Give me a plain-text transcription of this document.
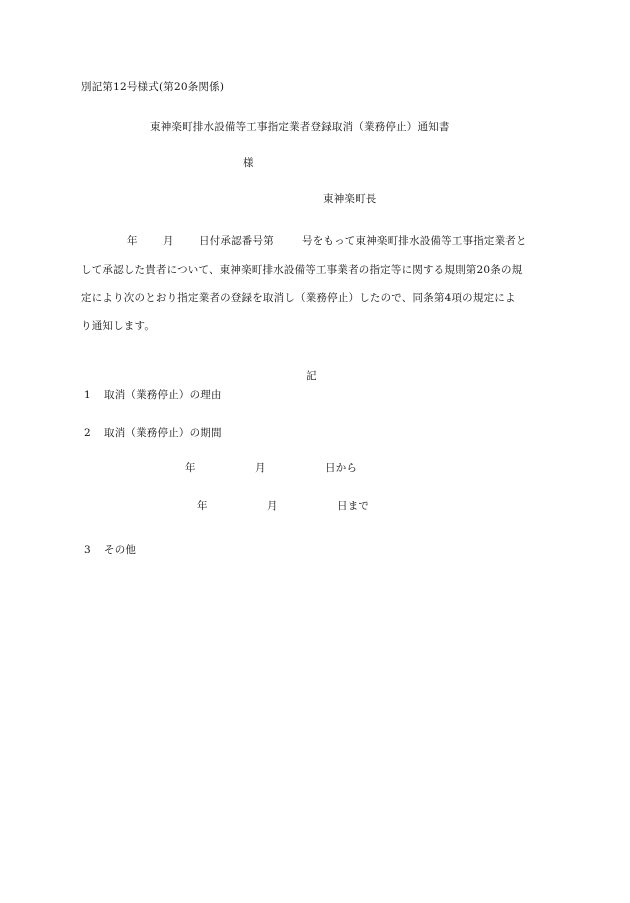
別記第12号様式(第20条関係)
東神楽町排水設備等工事指定業者登録取消（業務停止）通知書
様
東神楽町長
年 月 日付承認番号第	号をもって東神楽町排水設備等工事指定業者と
して承認した貴者について、東神楽町排水設備等工事業者の指定等に関する規則第20条の規
定により次のとおり指定業者の登録を取消し（業務停止）したので、同条第4項の規定によ
り通知します。
記
1 取消（業務停止）の理由
2 取消（業務停止）の期間
年	月	日から
年	月	日まで
3 その他
